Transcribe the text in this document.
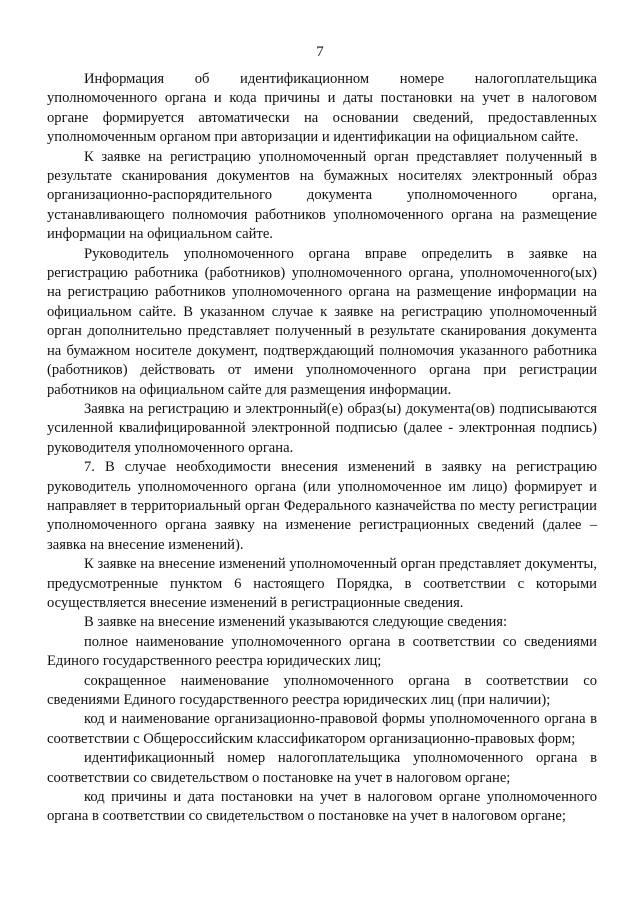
7

Информация об идентификационном номере налогоплательщика уполномоченного органа и кода причины и даты постановки на учет в налоговом органе формируется автоматически на основании сведений, предоставленных уполномоченным органом при авторизации и идентификации на официальном сайте.

К заявке на регистрацию уполномоченный орган представляет полученный в результате сканирования документов на бумажных носителях электронный образ организационно-распорядительного документа уполномоченного органа, устанавливающего полномочия работников уполномоченного органа на размещение информации на официальном сайте.

Руководитель уполномоченного органа вправе определить в заявке на регистрацию работника (работников) уполномоченного органа, уполномоченного(ых) на регистрацию работников уполномоченного органа на размещение информации на официальном сайте. В указанном случае к заявке на регистрацию уполномоченный орган дополнительно представляет полученный в результате сканирования документа на бумажном носителе документ, подтверждающий полномочия указанного работника (работников) действовать от имени уполномоченного органа при регистрации работников на официальном сайте для размещения информации.

Заявка на регистрацию и электронный(е) образ(ы) документа(ов) подписываются усиленной квалифицированной электронной подписью (далее - электронная подпись) руководителя уполномоченного органа.

7. В случае необходимости внесения изменений в заявку на регистрацию руководитель уполномоченного органа (или уполномоченное им лицо) формирует и направляет в территориальный орган Федерального казначейства по месту регистрации уполномоченного органа заявку на изменение регистрационных сведений (далее – заявка на внесение изменений).

К заявке на внесение изменений уполномоченный орган представляет документы, предусмотренные пунктом 6 настоящего Порядка, в соответствии с которыми осуществляется внесение изменений в регистрационные сведения.

В заявке на внесение изменений указываются следующие сведения:

полное наименование уполномоченного органа в соответствии со сведениями Единого государственного реестра юридических лиц;

сокращенное наименование уполномоченного органа в соответствии со сведениями Единого государственного реестра юридических лиц (при наличии);

код и наименование организационно-правовой формы уполномоченного органа в соответствии с Общероссийским классификатором организационно-правовых форм;

идентификационный номер налогоплательщика уполномоченного органа в соответствии со свидетельством о постановке на учет в налоговом органе;

код причины и дата постановки на учет в налоговом органе уполномоченного органа в соответствии со свидетельством о постановке на учет в налоговом органе;
